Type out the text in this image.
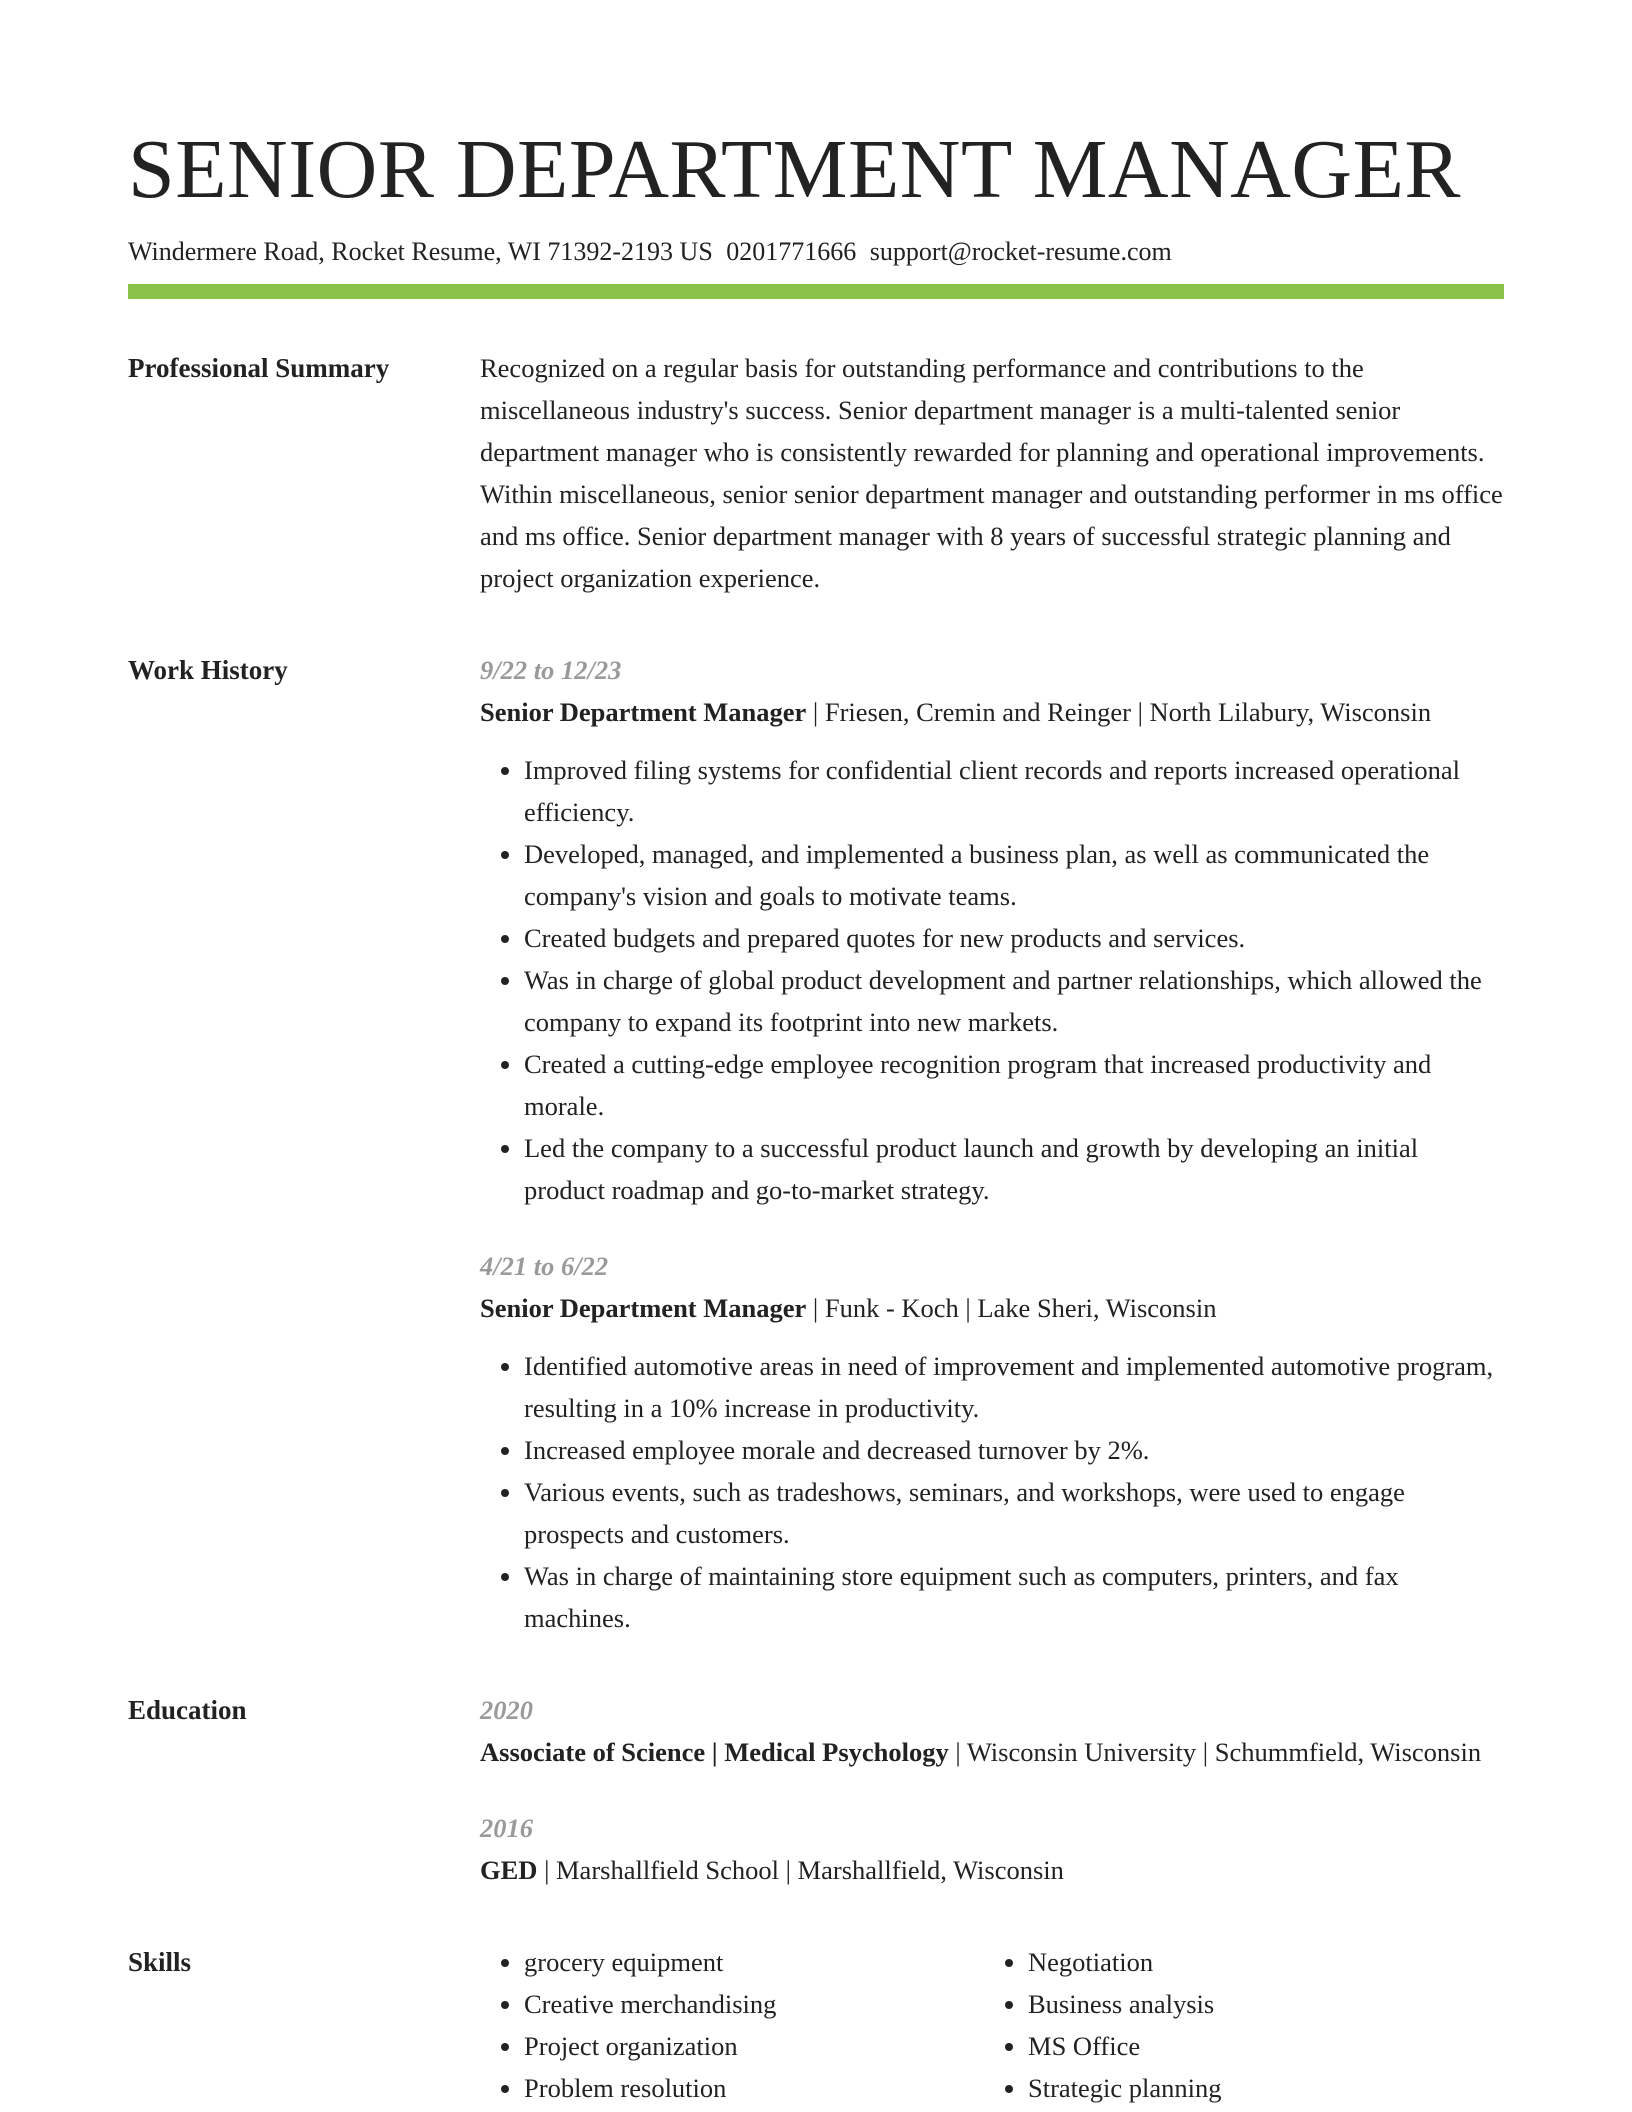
SENIOR DEPARTMENT MANAGER
Windermere Road, Rocket Resume, WI 71392-2193 US 0201771666 support@rocket-resume.com
Professional Summary	Recognized on a regular basis for outstanding performance and contributions to the miscellaneous industry's success. Senior department manager is a multi-talented senior department manager who is consistently rewarded for planning and operational improvements. Within miscellaneous, senior senior department manager and outstanding performer in ms office and ms office. Senior department manager with 8 years of successful strategic planning and project organization experience.

Work History	9/22 to 12/23
Senior Department Manager | Friesen, Cremin and Reinger | North Lilabury, Wisconsin
• Improved filing systems for confidential client records and reports increased operational efficiency.
• Developed, managed, and implemented a business plan, as well as communicated the company's vision and goals to motivate teams.
• Created budgets and prepared quotes for new products and services.
• Was in charge of global product development and partner relationships, which allowed the company to expand its footprint into new markets.
• Created a cutting-edge employee recognition program that increased productivity and morale.
• Led the company to a successful product launch and growth by developing an initial product roadmap and go-to-market strategy.
4/21 to 6/22
Senior Department Manager | Funk - Koch | Lake Sheri, Wisconsin
• Identified automotive areas in need of improvement and implemented automotive program, resulting in a 10% increase in productivity.
• Increased employee morale and decreased turnover by 2%.
• Various events, such as tradeshows, seminars, and workshops, were used to engage prospects and customers.
• Was in charge of maintaining store equipment such as computers, printers, and fax machines.
Education	2020
Associate of Science | Medical Psychology | Wisconsin University | Schummfield, Wisconsin
2016
GED | Marshallfield School | Marshallfield, Wisconsin
Skills
•	grocery equipment
• Creative merchandising
• Project organization
• Problem resolution
• Negotiation
• Business analysis
• MS Office
• Strategic planning
